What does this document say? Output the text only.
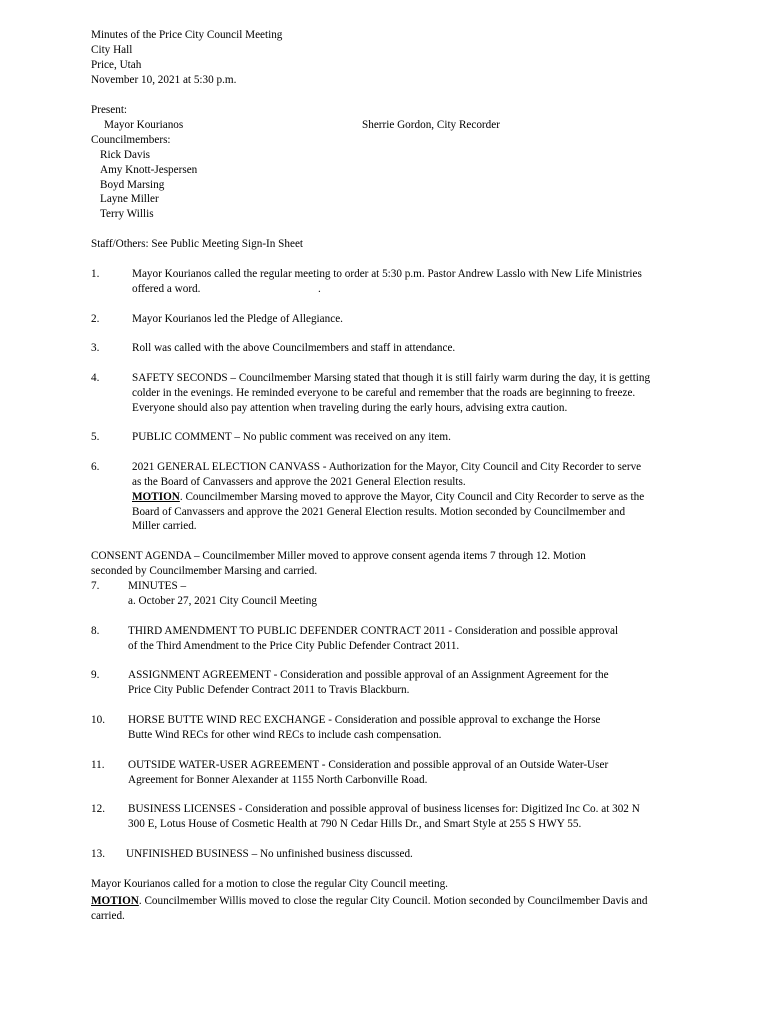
Minutes of the Price City Council Meeting
City Hall
Price, Utah
November 10, 2021 at 5:30 p.m.
Present:
Mayor Kourianos	Sherrie Gordon, City Recorder
Councilmembers:
Rick Davis
Amy Knott-Jespersen
Boyd Marsing
Layne Miller
Terry Willis
Staff/Others: See Public Meeting Sign-In Sheet
1.	Mayor Kourianos called the regular meeting to order at 5:30 p.m. Pastor Andrew Lasslo with New Life Ministries
offered a word.	.
2.	Mayor Kourianos led the Pledge of Allegiance.
3.	Roll was called with the above Councilmembers and staff in attendance.
4.	SAFETY SECONDS – Councilmember Marsing stated that though it is still fairly warm during the day, it is getting
colder in the evenings. He reminded everyone to be careful and remember that the roads are beginning to freeze.
Everyone should also pay attention when traveling during the early hours, advising extra caution.
5.	PUBLIC COMMENT – No public comment was received on any item.
6.	2021 GENERAL ELECTION CANVASS - Authorization for the Mayor, City Council and City Recorder to serve
as the Board of Canvassers and approve the 2021 General Election results.
MOTION. Councilmember Marsing moved to approve the Mayor, City Council and City Recorder to serve as the
Board of Canvassers and approve the 2021 General Election results. Motion seconded by Councilmember and
Miller carried.
CONSENT AGENDA – Councilmember Miller moved to approve consent agenda items 7 through 12. Motion
seconded by Councilmember Marsing and carried.
7.	MINUTES –
a. October 27, 2021 City Council Meeting
8.	THIRD AMENDMENT TO PUBLIC DEFENDER CONTRACT 2011 - Consideration and possible approval
of the Third Amendment to the Price City Public Defender Contract 2011.
9.	ASSIGNMENT AGREEMENT - Consideration and possible approval of an Assignment Agreement for the
Price City Public Defender Contract 2011 to Travis Blackburn.
10. HORSE BUTTE WIND REC EXCHANGE - Consideration and possible approval to exchange the Horse
Butte Wind RECs for other wind RECs to include cash compensation.
11. OUTSIDE WATER-USER AGREEMENT - Consideration and possible approval of an Outside Water-User
Agreement for Bonner Alexander at 1155 North Carbonville Road.
12. BUSINESS LICENSES - Consideration and possible approval of business licenses for: Digitized Inc Co. at 302 N
300 E, Lotus House of Cosmetic Health at 790 N Cedar Hills Dr., and Smart Style at 255 S HWY 55.
13. UNFINISHED BUSINESS – No unfinished business discussed.
Mayor Kourianos called for a motion to close the regular City Council meeting.
MOTION. Councilmember Willis moved to close the regular City Council. Motion seconded by Councilmember Davis and
carried.
